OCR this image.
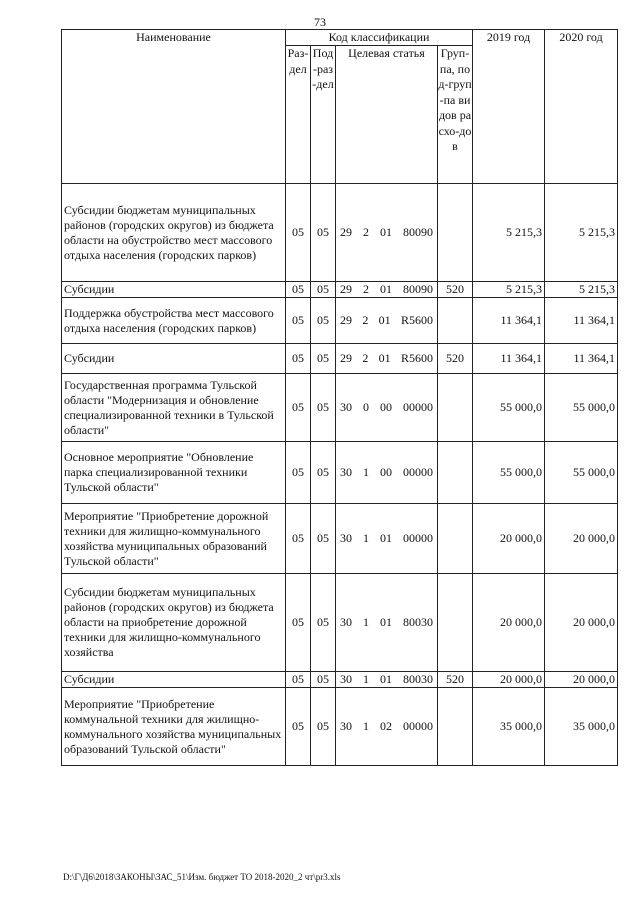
73
Наименование	Код классификации				2019 год	2020 год
	Раз-дел	Под-раз-дел	Целевая статья	Груп-па, под-груп-па видов расхо-дов		
Субсидии бюджетам муниципальных районов (городских округов) из бюджета области на обустройство мест массового отдыха населения (городских парков)	05	05	29 2 01 80090		5 215,3	5 215,3
Субсидии	05	05	29 2 01 80090	520	5 215,3	5 215,3
Поддержка обустройства мест массового отдыха населения (городских парков)	05	05	29 2 01 R5600		11 364,1	11 364,1
Субсидии	05	05	29 2 01 R5600	520	11 364,1	11 364,1
Государственная программа Тульской области "Модернизация и обновление специализированной техники в Тульской области"	05	05	30 0 00 00000		55 000,0	55 000,0
Основное мероприятие "Обновление парка специализированной техники Тульской области"	05	05	30 1 00 00000		55 000,0	55 000,0
Мероприятие "Приобретение дорожной техники для жилищно-коммунального хозяйства муниципальных образований Тульской области"	05	05	30 1 01 00000		20 000,0	20 000,0
Субсидии бюджетам муниципальных районов (городских округов) из бюджета области на приобретение дорожной техники для жилищно-коммунального хозяйства	05	05	30 1 01 80030		20 000,0	20 000,0
Субсидии	05	05	30 1 01 80030	520	20 000,0	20 000,0
Мероприятие "Приобретение коммунальной техники для жилищно-коммунального хозяйства муниципальных образований Тульской области"	05	05	30 1 02 00000		35 000,0	35 000,0
D:\Г\Д6\2018\ЗАКОНЫ\ЗАС_51\Изм. бюджет ТО 2018-2020_2 чт\pr3.xls
